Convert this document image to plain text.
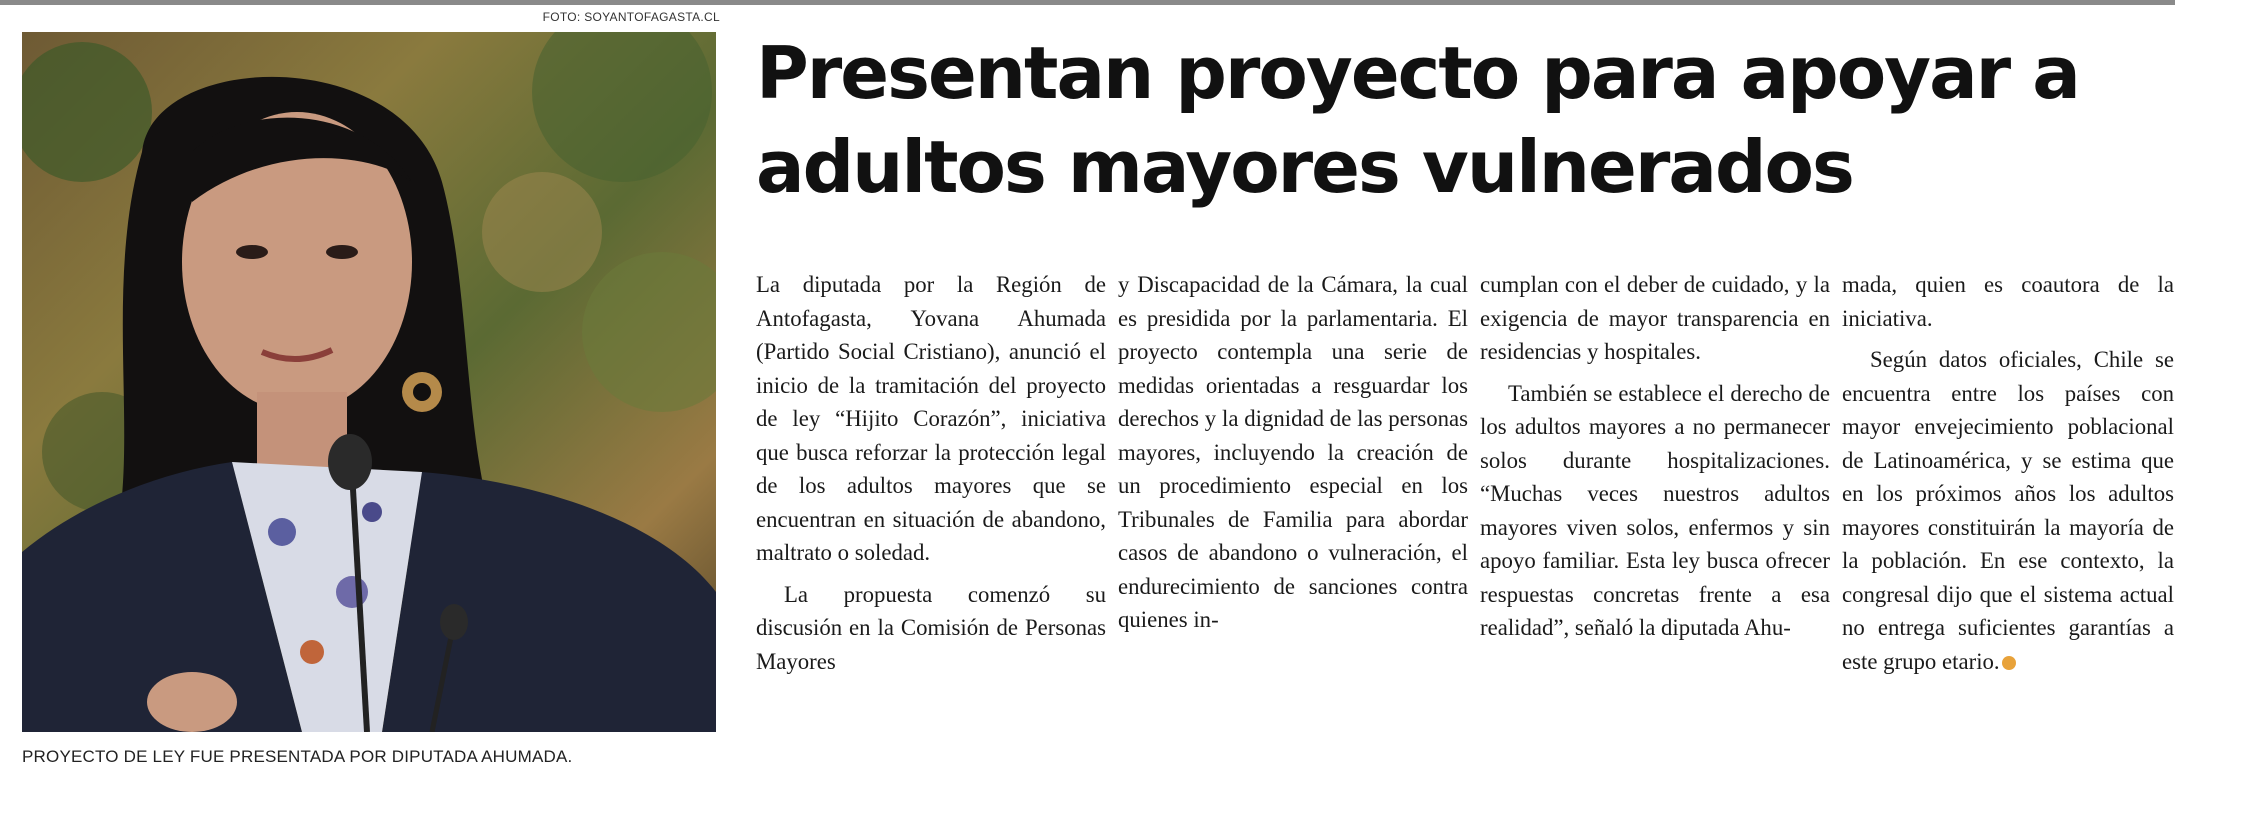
FOTO: SOYANTOFAGASTA.CL
PROYECTO DE LEY FUE PRESENTADA POR DIPUTADA AHUMADA.
Presentan proyecto para apoyar a
adultos mayores vulnerados

La diputada por la Región de Antofagasta, Yovana Ahumada (Partido Social Cristiano), anunció el inicio de la tramitación del proyecto de ley “Hijito Corazón”, iniciativa que busca reforzar la protección legal de los adultos mayores que se encuentran en situación de abandono, maltrato o soledad.

La propuesta comenzó su discusión en la Comisión de Personas Mayores

y Discapacidad de la Cámara, la cual es presidida por la parlamentaria. El proyecto contempla una serie de medidas orientadas a resguardar los derechos y la dignidad de las personas mayores, incluyendo la creación de un procedimiento especial en los Tribunales de Familia para abordar casos de abandono o vulneración, el endurecimiento de sanciones contra quienes in-

cumplan con el deber de cuidado, y la exigencia de mayor transparencia en residencias y hospitales.

También se establece el derecho de los adultos mayores a no permanecer solos durante hospitalizaciones. “Muchas veces nuestros adultos mayores viven solos, enfermos y sin apoyo familiar. Esta ley busca ofrecer respuestas concretas frente a esa realidad”, señaló la diputada Ahu-

mada, quien es coautora de la iniciativa.

Según datos oficiales, Chile se encuentra entre los países con mayor envejecimiento poblacional de Latinoamérica, y se estima que en los próximos años los adultos mayores constituirán la mayoría de la población. En ese contexto, la congresal dijo que el sistema actual no entrega suficientes garantías a este grupo etario.
